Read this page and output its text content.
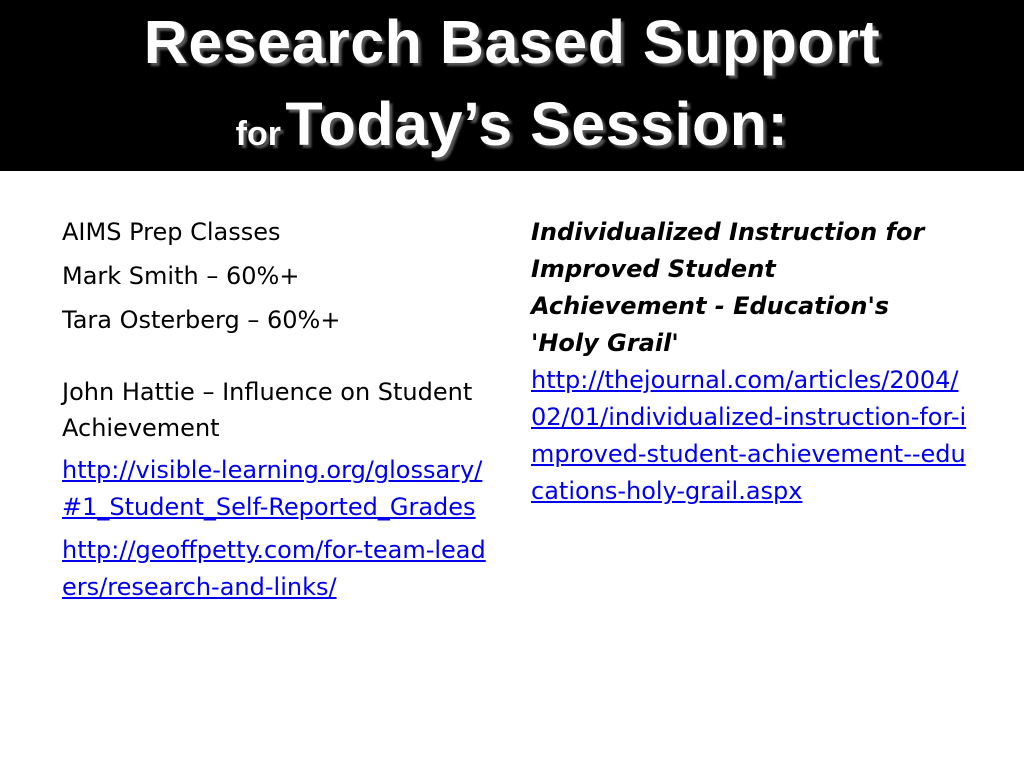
Research Based Support
for Today’s Session:
AIMS Prep Classes
Mark Smith – 60%+
Tara Osterberg – 60%+
John Hattie – Influence on Student Achievement
http://visible-learning.org/glossary/#1_Student_Self-Reported_Grades
http://geoffpetty.com/for-team-leaders/research-and-links/
Individualized Instruction for Improved Student Achievement - Education's 'Holy Grail'
http://thejournal.com/articles/2004/02/01/individualized-instruction-for-improved-student-achievement--educations-holy-grail.aspx
